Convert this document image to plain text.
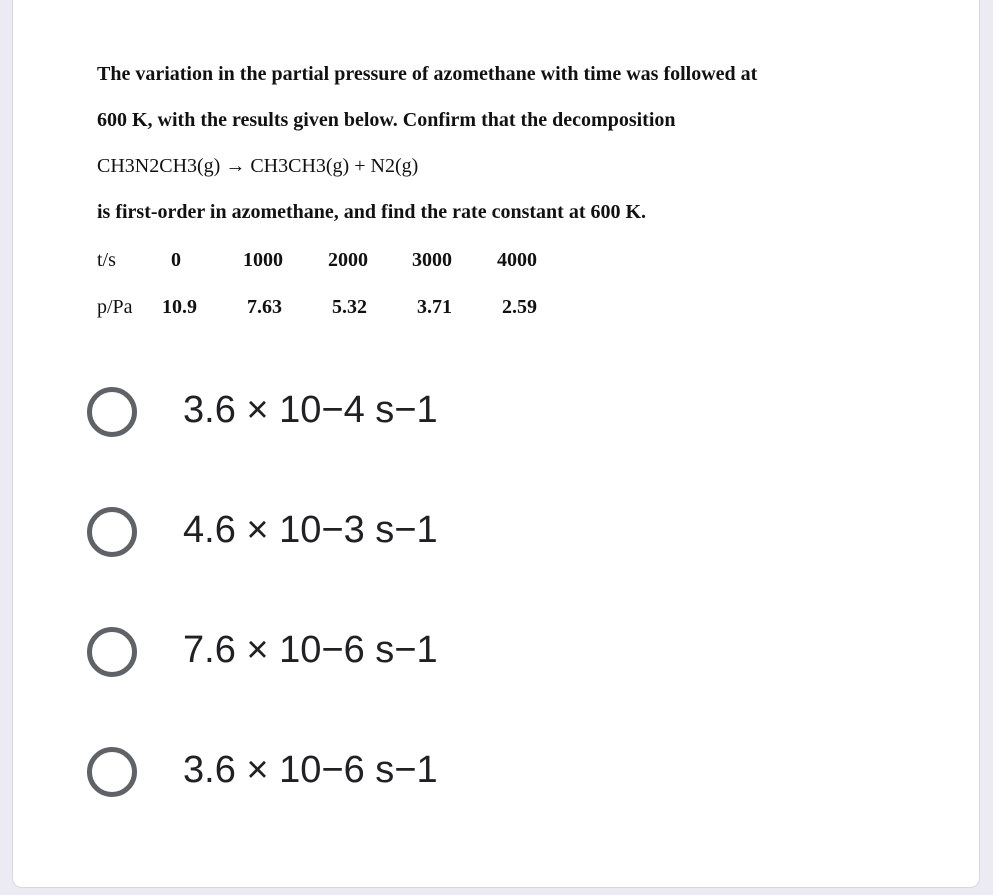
The variation in the partial pressure of azomethane with time was followed at
600 K, with the results given below. Confirm that the decomposition
CH3N2CH3(g) → CH3CH3(g) + N2(g)
is first-order in azomethane, and find the rate constant at 600 K.
t/s	0	1000 2000 3000 4000
p/Pa 10.9	7.63	5.32	3.71	2.59
3.6 × 10−4 s−1
4.6 × 10−3 s−1
7.6 × 10−6 s−1
3.6 × 10−6 s−1
